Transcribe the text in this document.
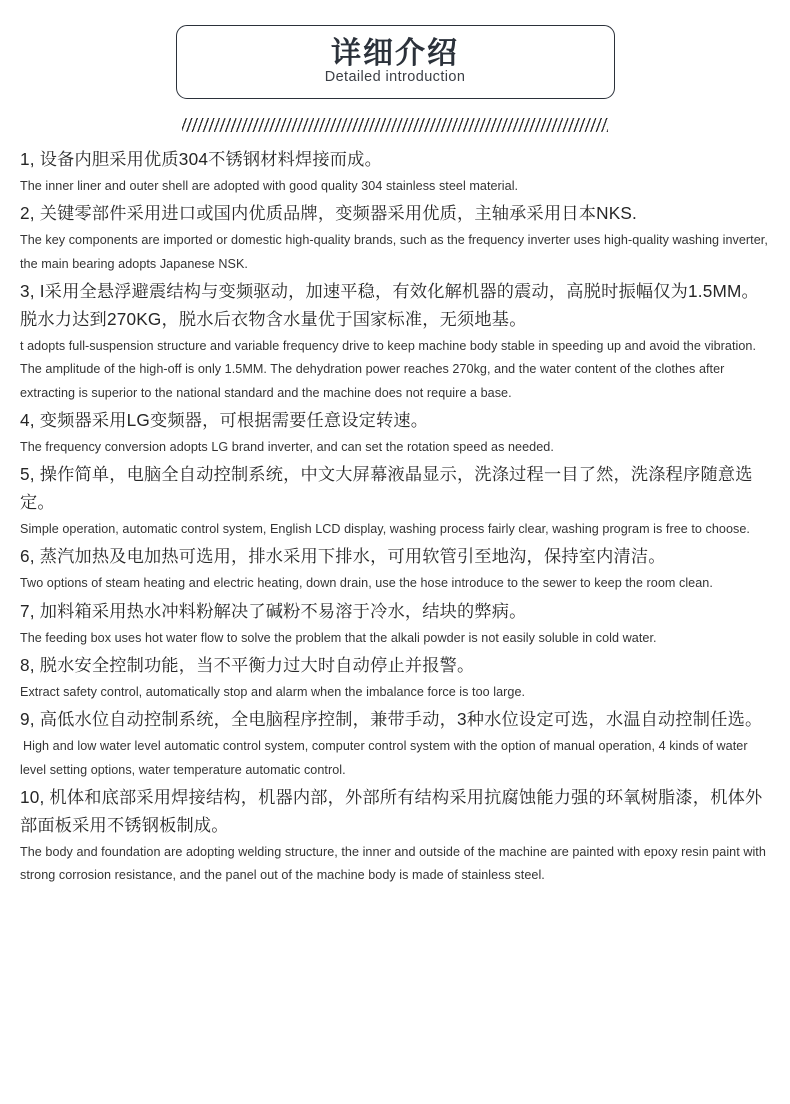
详细介绍
Detailed introduction

1, 设备内胆采用优质304不锈钢材料焊接而成。

The inner liner and outer shell are adopted with good quality 304 stainless steel material.

2, 关键零部件采用进口或国内优质品牌，变频器采用优质，主轴承采用日本NKS.

The key components are imported or domestic high-quality brands, such as the frequency inverter uses high-quality washing inverter, the main bearing adopts Japanese NSK.

3, I采用全悬浮避震结构与变频驱动，加速平稳，有效化解机器的震动，高脱时振幅仅为1.5MM。脱水力达到270KG，脱水后衣物含水量优于国家标准，无须地基。

t adopts full-suspension structure and variable frequency drive to keep machine body stable in speeding up and avoid the vibration. The amplitude of the high-off is only 1.5MM. The dehydration power reaches 270kg, and the water content of the clothes after extracting is superior to the national standard and the machine does not require a base.

4, 变频器采用LG变频器，可根据需要任意设定转速。

The frequency conversion adopts LG brand inverter, and can set the rotation speed as needed.

5, 操作简单，电脑全自动控制系统，中文大屏幕液晶显示，洗涤过程一目了然，洗涤程序随意选定。

Simple operation, automatic control system, English LCD display, washing process fairly clear, washing program is free to choose.

6, 蒸汽加热及电加热可选用，排水采用下排水，可用软管引至地沟，保持室内清洁。

Two options of steam heating and electric heating, down drain, use the hose introduce to the sewer to keep the room clean.

7, 加料箱采用热水冲料粉解决了碱粉不易溶于冷水，结块的弊病。

The feeding box uses hot water flow to solve the problem that the alkali powder is not easily soluble in cold water.

8, 脱水安全控制功能，当不平衡力过大时自动停止并报警。

Extract safety control, automatically stop and alarm when the imbalance force is too large.

9, 高低水位自动控制系统，全电脑程序控制，兼带手动，3种水位设定可选，水温自动控制任选。

High and low water level automatic control system, computer control system with the option of manual operation, 4 kinds of water level setting options, water temperature automatic control.

10, 机体和底部采用焊接结构，机器内部，外部所有结构采用抗腐蚀能力强的环氧树脂漆，机体外部面板采用不锈钢板制成。

The body and foundation are adopting welding structure, the inner and outside of the machine are painted with epoxy resin paint with strong corrosion resistance, and the panel out of the machine body is made of stainless steel.
